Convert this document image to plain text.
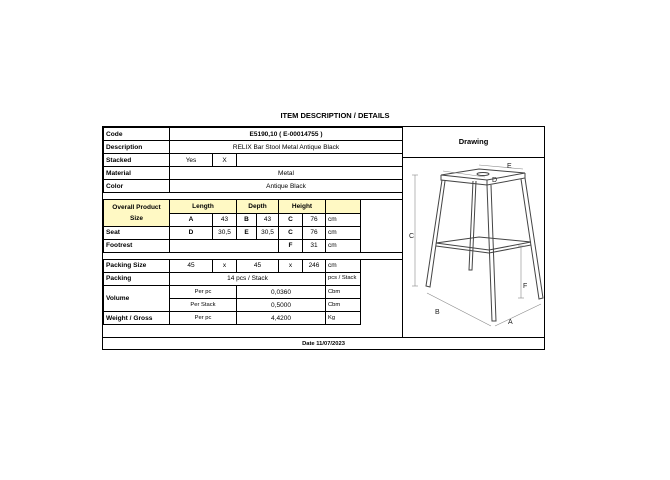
ITEM DESCRIPTION / DETAILS
Code	E5190,10 ( E-00014755 )							
Description	RELIX Bar Stool Metal Antique Black							
Stacked	Yes	X						
Material	Metal							
Color	Antique Black							

Overall Product Size	Length		Depth		Height			
	A	43	B	43	C	76	cm	
Seat	D	30,5	E	30,5	C	76	cm	
Footrest					F	31	cm	

Packing Size	45	x	45		x	246	cm	
Packing	14 pcs / Stack						pcs / Stack	
Volume	Per pc		0,0360				Cbm	
	Per Stack		0,5000				Cbm	
Weight / Gross	Per pc		4,4200				Kg	
Drawing
C
E
D
F
A
B
Date 11/07/2023
